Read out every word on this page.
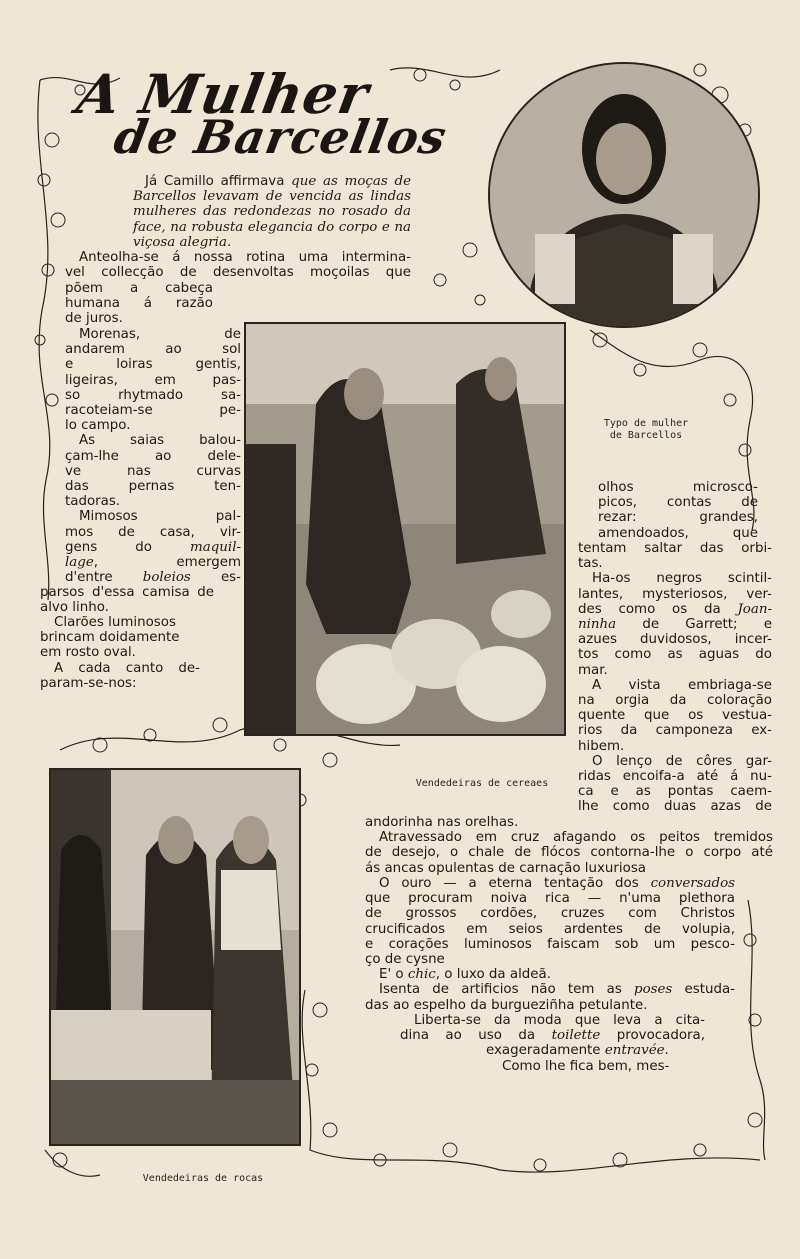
A Mulher
de Barcellos
Typo de mulher
de Barcellos
Vendedeiras de cereaes
Vendedeiras de rocas

Já Camillo affirmava que as moças de Barcellos levavam de vencida as lindas mulheres das redondezas no rosado da face, na robusta elegancia do corpo e na viçosa alegria.

Anteolha-se á nossa rotina uma intermina-

vel collecção de desenvoltas moçoilas que

põem a cabeça

humana á razão

de juros.

Morenas, de

andarem ao sol

e loiras gentis,

ligeiras, em pas-

so rhytmado sa-

racoteiam-se pe-

lo campo.

As saias balou-

çam-lhe ao dele-

ve nas curvas

das pernas ten-

tadoras.

Mimosos pal-

mos de casa, vir-

gens do maquil-

lage, emergem

d'entre boleios es-

parsos d'essa camisa de

alvo linho.

Clarões luminosos

brincam doidamente

em rosto oval.

A cada canto de-

param-se-nos:

olhos microsco-

picos, contas de

rezar: grandes,

amendoados, que

tentam saltar das orbi-

tas.

Ha-os negros scintil-

lantes, mysteriosos, ver-

des como os da Joan-

ninha de Garrett; e

azues duvidosos, incer-

tos como as aguas do

mar.

A vista embriaga-se

na orgia da coloração

quente que os vestua-

rios da camponeza ex-

hibem.

O lenço de côres gar-

ridas encoifa-a até á nu-

ca e as pontas caem-

lhe como duas azas de

andorinha nas orelhas.

Atravessado em cruz afagando os peitos tremidos

de desejo, o chale de flócos contorna-lhe o corpo até

ás ancas opulentas de carnação luxuriosa

O ouro — a eterna tentação dos conversados

que procuram noiva rica — n'uma plethora

de grossos cordões, cruzes com Christos

crucificados em seios ardentes de volupia,

e corações luminosos faiscam sob um pesco-

ço de cysne

E' o chic, o luxo da aldeã.

Isenta de artificios não tem as poses estuda-

das ao espelho da burgueziñha petulante.

Liberta-se da moda que leva a cita-

dina ao uso da toilette provocadora,

exageradamente entravée.

Como lhe fica bem, mes-
